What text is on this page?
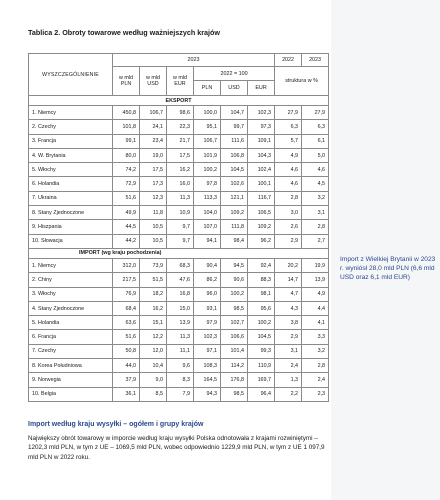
Import z Wielkiej Brytanii w 2023 r. wyniósł 28,0 mld PLN (6,6 mld USD oraz 6,1 mld EUR)
Tablica 2. Obroty towarowe według ważniejszych krajów
WYSZCZEGÓLNIENIE	2023						2022	2023
	w mld PLN	w mld USD	w mld EUR	2022 = 100			struktura w %	
				PLN	USD	EUR		
EKSPORT								
1. Niemcy	450,8	106,7	98,6	100,0	104,7	102,3	27,9	27,9
2. Czechy	101,8	24,1	22,3	95,1	99,7	97,3	6,3	6,3
3. Francja	99,1	23,4	21,7	106,7	111,6	109,1	5,7	6,1
4. W. Brytania	80,0	19,0	17,5	101,9	106,8	104,3	4,9	5,0
5. Włochy	74,2	17,5	16,2	100,2	104,5	102,4	4,6	4,6
6. Holandia	72,9	17,3	16,0	97,8	102,6	100,1	4,6	4,5
7. Ukraina	51,6	12,3	11,3	113,3	121,1	116,7	2,8	3,2
8. Stany Zjednoczone	49,9	11,8	10,9	104,0	109,2	106,5	3,0	3,1
9. Hiszpania	44,5	10,5	9,7	107,0	111,8	109,2	2,6	2,8
10. Słowacja	44,2	10,5	9,7	94,1	98,4	96,2	2,9	2,7
IMPORT (wg kraju pochodzenia)								
1. Niemcy	312,0	73,9	68,3	90,4	94,5	92,4	20,2	19,9
2. Chiny	217,5	51,5	47,6	86,2	90,6	88,3	14,7	13,9
3. Włochy	76,9	18,2	16,8	96,0	100,2	98,1	4,7	4,9
4. Stany Zjednoczone	68,4	16,2	15,0	93,1	98,5	95,6	4,3	4,4
5. Holandia	63,6	15,1	13,9	97,9	102,7	100,2	3,8	4,1
6. Francja	51,6	12,2	11,3	102,3	106,6	104,5	2,9	3,3
7. Czechy	50,8	12,0	11,1	97,1	101,4	99,3	3,1	3,2
8. Korea Południowa	44,0	10,4	9,6	108,3	114,2	110,9	2,4	2,8
9. Norwegia	37,9	9,0	8,3	164,5	176,8	169,7	1,3	2,4
10. Belgia	36,1	8,5	7,9	94,3	98,5	96,4	2,2	2,3
Import według kraju wysyłki – ogółem i grupy krajów
Największy obrót towarowy w imporcie według kraju wysyłki Polska odnotowała z krajami rozwiniętymi – 1202,3 mld PLN, w tym z UE – 1069,5 mld PLN, wobec odpowiednio 1229,9 mld PLN, w tym z UE 1 097,9 mld PLN w 2022 roku.
